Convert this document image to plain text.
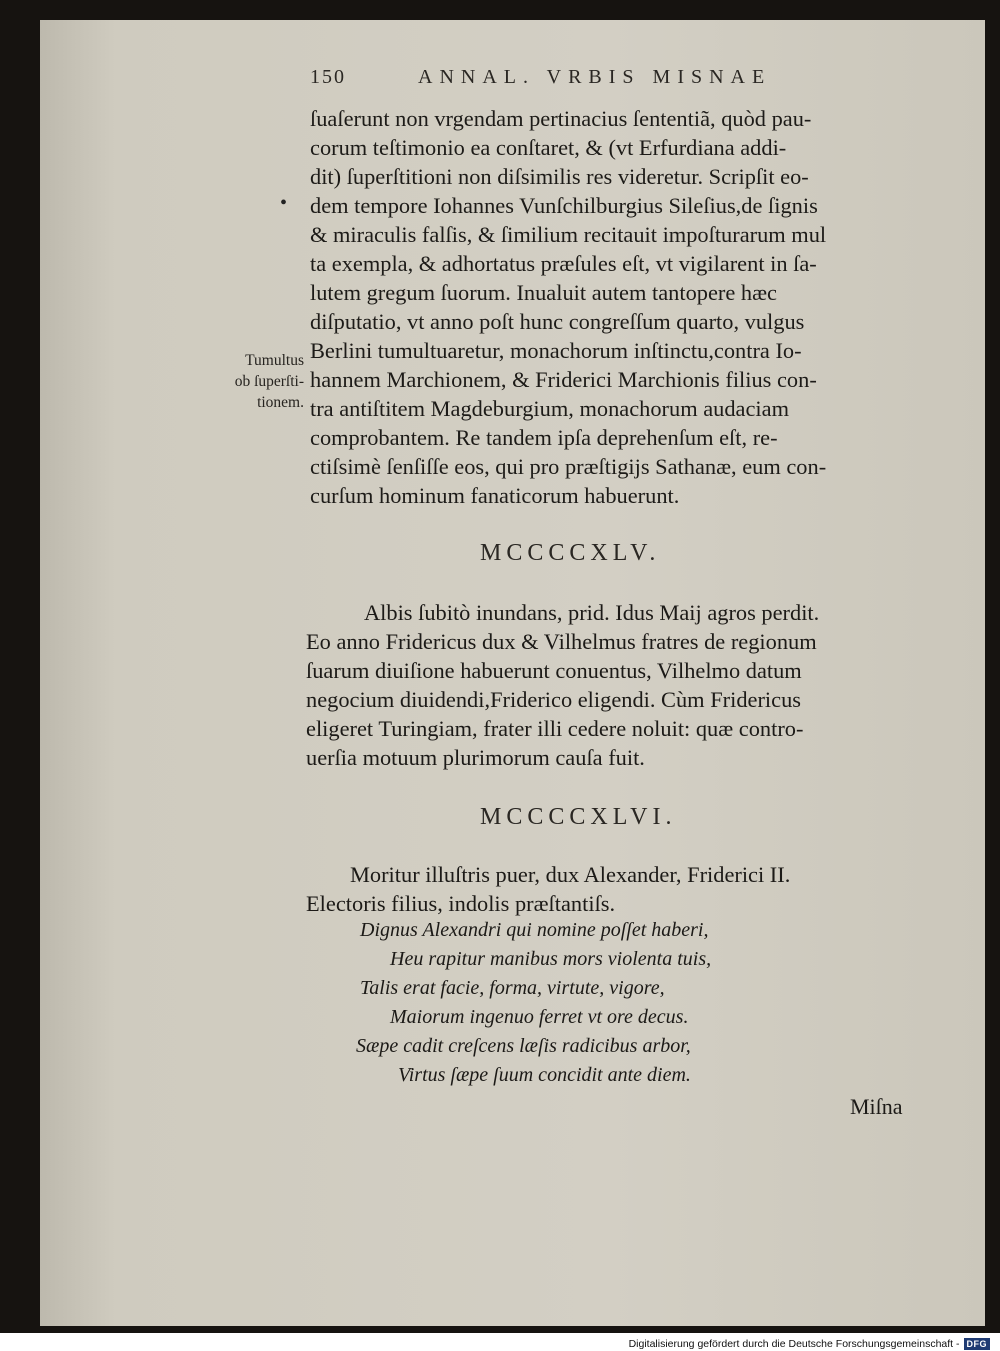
150	ANNAL. VRBIS MISNAE
ſuaſerunt non vrgendam pertinacius ſententiã, quòd pau-
corum teſtimonio ea conſtaret, & (vt Erfurdiana addi-
dit) ſuperſtitioni non diſsimilis res videretur. Scripſit eo-
dem tempore Iohannes Vunſchilburgius Sileſius,de ſignis
& miraculis falſis, & ſimilium recitauit impoſturarum mul
ta exempla, & adhortatus præſules eſt, vt vigilarent in ſa-
lutem gregum ſuorum. Inualuit autem tantopere hæc
diſputatio, vt anno poſt hunc congreſſum quarto, vulgus
Berlini tumultuaretur, monachorum inſtinctu,contra Io-
hannem Marchionem, & Friderici Marchionis filius con-
tra antiſtitem Magdeburgium, monachorum audaciam
comprobantem. Re tandem ipſa deprehenſum eſt, re-
ctiſsimè ſenſiſſe eos, qui pro præſtigijs Sathanæ, eum con-
curſum hominum fanaticorum habuerunt.
•
Tumultus
ob ſuperſti-
tionem.
MCCCCXLV.
Albis ſubitò inundans, prid. Idus Maij agros perdit.
Eo anno Fridericus dux & Vilhelmus fratres de regionum
ſuarum diuiſione habuerunt conuentus, Vilhelmo datum
negocium diuidendi,Friderico eligendi. Cùm Fridericus
eligeret Turingiam, frater illi cedere noluit: quæ contro-
uerſia motuum plurimorum cauſa fuit.
MCCCCXLVI.
Moritur illuſtris puer, dux Alexander, Friderici II.
Electoris filius, indolis præſtantiſs.
Dignus Alexandri qui nomine poſſet haberi,
Heu rapitur manibus mors violenta tuis,
Talis erat facie, forma, virtute, vigore,
Maiorum ingenuo ferret vt ore decus.
Sæpe cadit creſcens læſis radicibus arbor,
Virtus ſæpe ſuum concidit ante diem.
Miſna
Digitalisierung gefördert durch die Deutsche Forschungsgemeinschaft - DFG
